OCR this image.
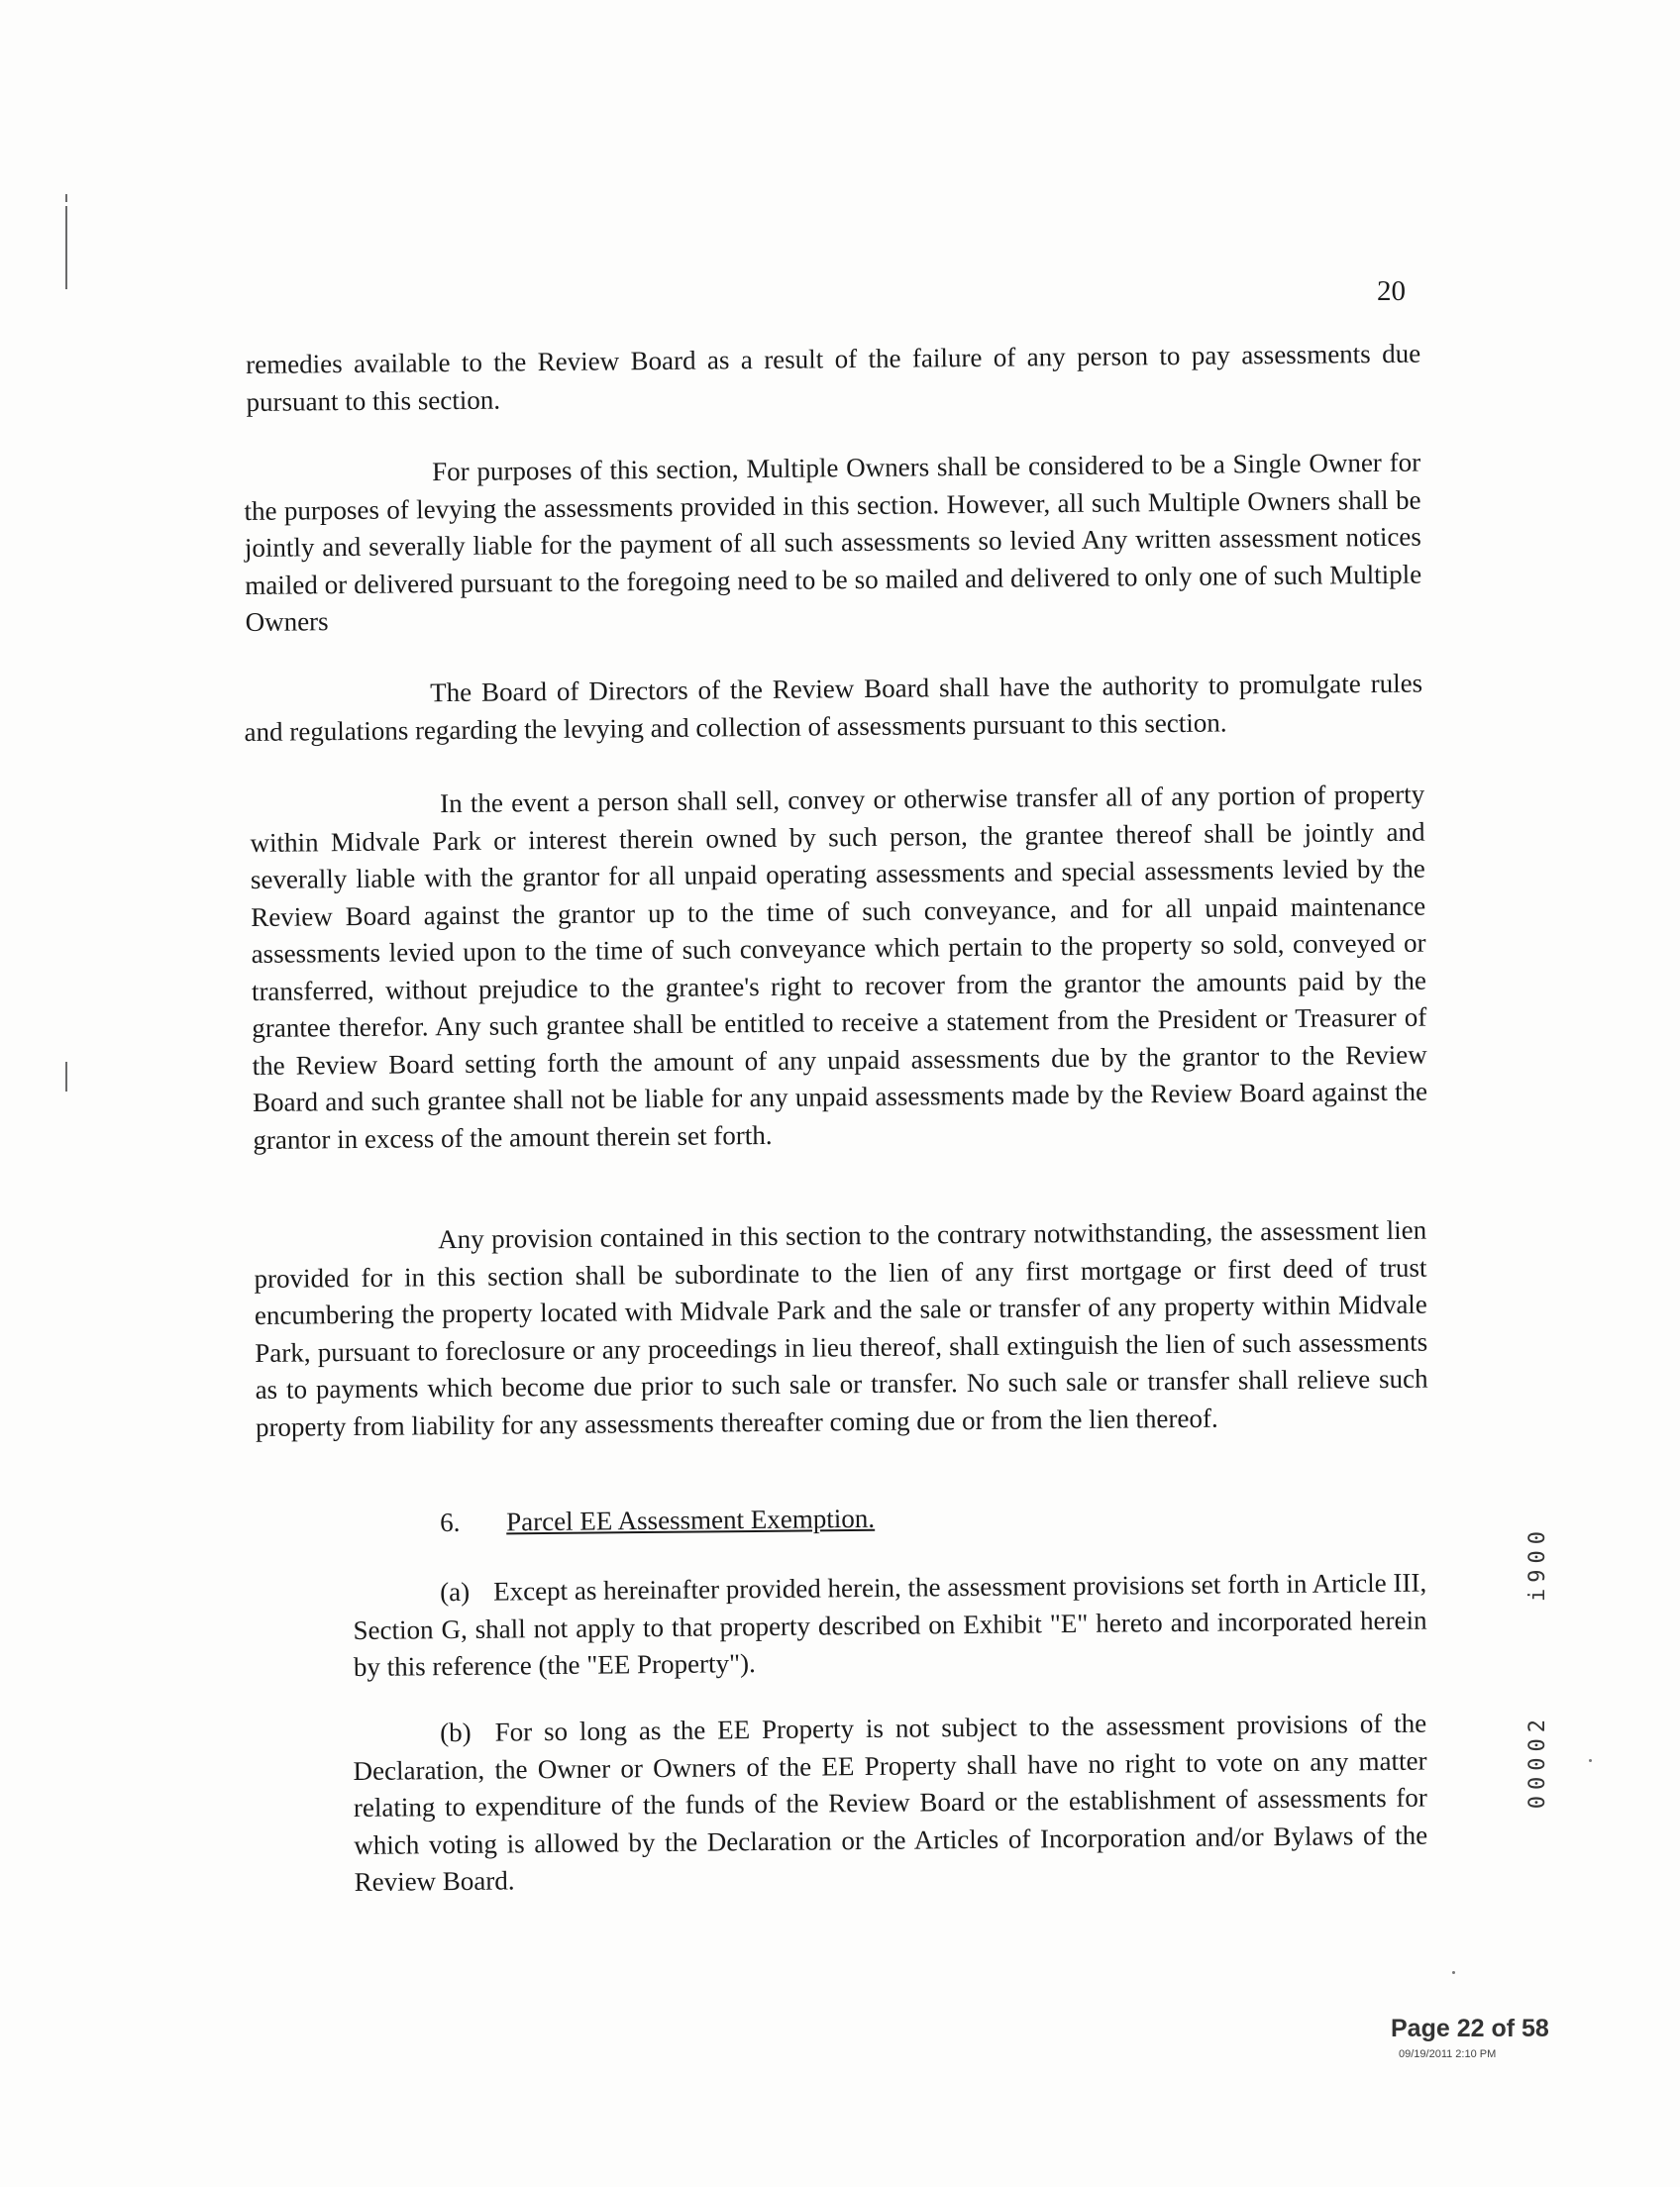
20

remedies available to the Review Board as a result of the failure of any person to pay assessments due pursuant to this section.

For purposes of this section, Multiple Owners shall be considered to be a Single Owner for the purposes of levying the assessments provided in this section. However, all such Multiple Owners shall be jointly and severally liable for the payment of all such assessments so levied Any written assessment notices mailed or delivered pursuant to the foregoing need to be so mailed and delivered to only one of such Multiple Owners

The Board of Directors of the Review Board shall have the authority to promulgate rules and regulations regarding the levying and collection of assessments pursuant to this section.

In the event a person shall sell, convey or otherwise transfer all of any portion of property within Midvale Park or interest therein owned by such person, the grantee thereof shall be jointly and severally liable with the grantor for all unpaid operating assessments and special assessments levied by the Review Board against the grantor up to the time of such conveyance, and for all unpaid maintenance assessments levied upon to the time of such conveyance which pertain to the property so sold, conveyed or transferred, without prejudice to the grantee's right to recover from the grantor the amounts paid by the grantee therefor. Any such grantee shall be entitled to receive a statement from the President or Treasurer of the Review Board setting forth the amount of any unpaid assessments due by the grantor to the Review Board and such grantee shall not be liable for any unpaid assessments made by the Review Board against the grantor in excess of the amount therein set forth.

Any provision contained in this section to the contrary notwithstanding, the assessment lien provided for in this section shall be subordinate to the lien of any first mortgage or first deed of trust encumbering the property located with Midvale Park and the sale or transfer of any property within Midvale Park, pursuant to foreclosure or any proceedings in lieu thereof, shall extinguish the lien of such assessments as to payments which become due prior to such sale or transfer. No such sale or transfer shall relieve such property from liability for any assessments thereafter coming due or from the lien thereof.

6. Parcel EE Assessment Exemption.

(a) Except as hereinafter provided herein, the assessment provisions set forth in Article III, Section G, shall not apply to that property described on Exhibit "E" hereto and incorporated herein by this reference (the "EE Property").

(b) For so long as the EE Property is not subject to the assessment provisions of the Declaration, the Owner or Owners of the EE Property shall have no right to vote on any matter relating to expenditure of the funds of the Review Board or the establishment of assessments for which voting is allowed by the Declaration or the Articles of Incorporation and/or Bylaws of the Review Board.

i900
00002
Page 22 of 58
09/19/2011 2:10 PM
